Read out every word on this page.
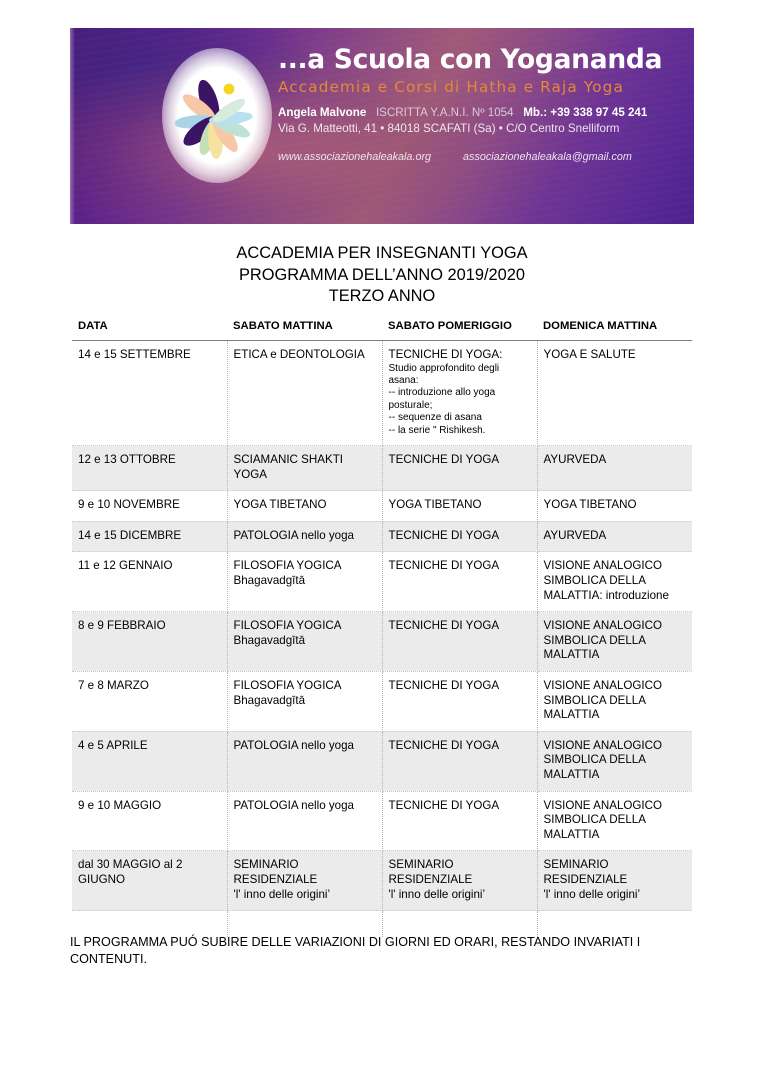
...a Scuola con Yogananda
Accademia e Corsi di Hatha e Raja Yoga
Angela Malvone ISCRITTA Y.A.N.I. Nº 1054 Mb.: +39 338 97 45 241
Via G. Matteotti, 41 • 84018 SCAFATI (Sa) • C/O Centro Snelliform
www.associazionehaleakala.org	associazionehaleakala@gmail.com
ACCADEMIA PER INSEGNANTI YOGA
PROGRAMMA DELL’ANNO 2019/2020
TERZO ANNO
DATA	SABATO MATTINA	SABATO POMERIGGIO	DOMENICA MATTINA
14 e 15 SETTEMBRE	ETICA e DEONTOLOGIA	TECNICHE DI YOGA:
Studio approfondito degli asana:
-- introduzione allo yoga posturale;
-- sequenze di asana
-- la serie " Rishikesh.	YOGA E SALUTE
12 e 13 OTTOBRE	SCIAMANIC SHAKTI YOGA	TECNICHE DI YOGA	AYURVEDA
9 e 10 NOVEMBRE	YOGA TIBETANO	YOGA TIBETANO	YOGA TIBETANO
14 e 15 DICEMBRE	PATOLOGIA nello yoga	TECNICHE DI YOGA	AYURVEDA
11 e 12 GENNAIO	FILOSOFIA YOGICA
Bhagavadgītā	TECNICHE DI YOGA	VISIONE ANALOGICO SIMBOLICA DELLA MALATTIA: introduzione
8 e 9 FEBBRAIO	FILOSOFIA YOGICA
Bhagavadgītā	TECNICHE DI YOGA	VISIONE ANALOGICO SIMBOLICA DELLA MALATTIA
7 e 8 MARZO	FILOSOFIA YOGICA
Bhagavadgītā	TECNICHE DI YOGA	VISIONE ANALOGICO SIMBOLICA DELLA MALATTIA
4 e 5 APRILE	PATOLOGIA nello yoga	TECNICHE DI YOGA	VISIONE ANALOGICO SIMBOLICA DELLA MALATTIA
9 e 10 MAGGIO	PATOLOGIA nello yoga	TECNICHE DI YOGA	VISIONE ANALOGICO SIMBOLICA DELLA MALATTIA
dal 30 MAGGIO al 2 GIUGNO	SEMINARIO RESIDENZIALE
'l' inno delle origini’	SEMINARIO RESIDENZIALE
'l' inno delle origini’	SEMINARIO RESIDENZIALE
'l' inno delle origini’

IL PROGRAMMA PUÓ SUBIRE DELLE VARIAZIONI DI GIORNI ED ORARI, RESTANDO INVARIATI I CONTENUTI.
